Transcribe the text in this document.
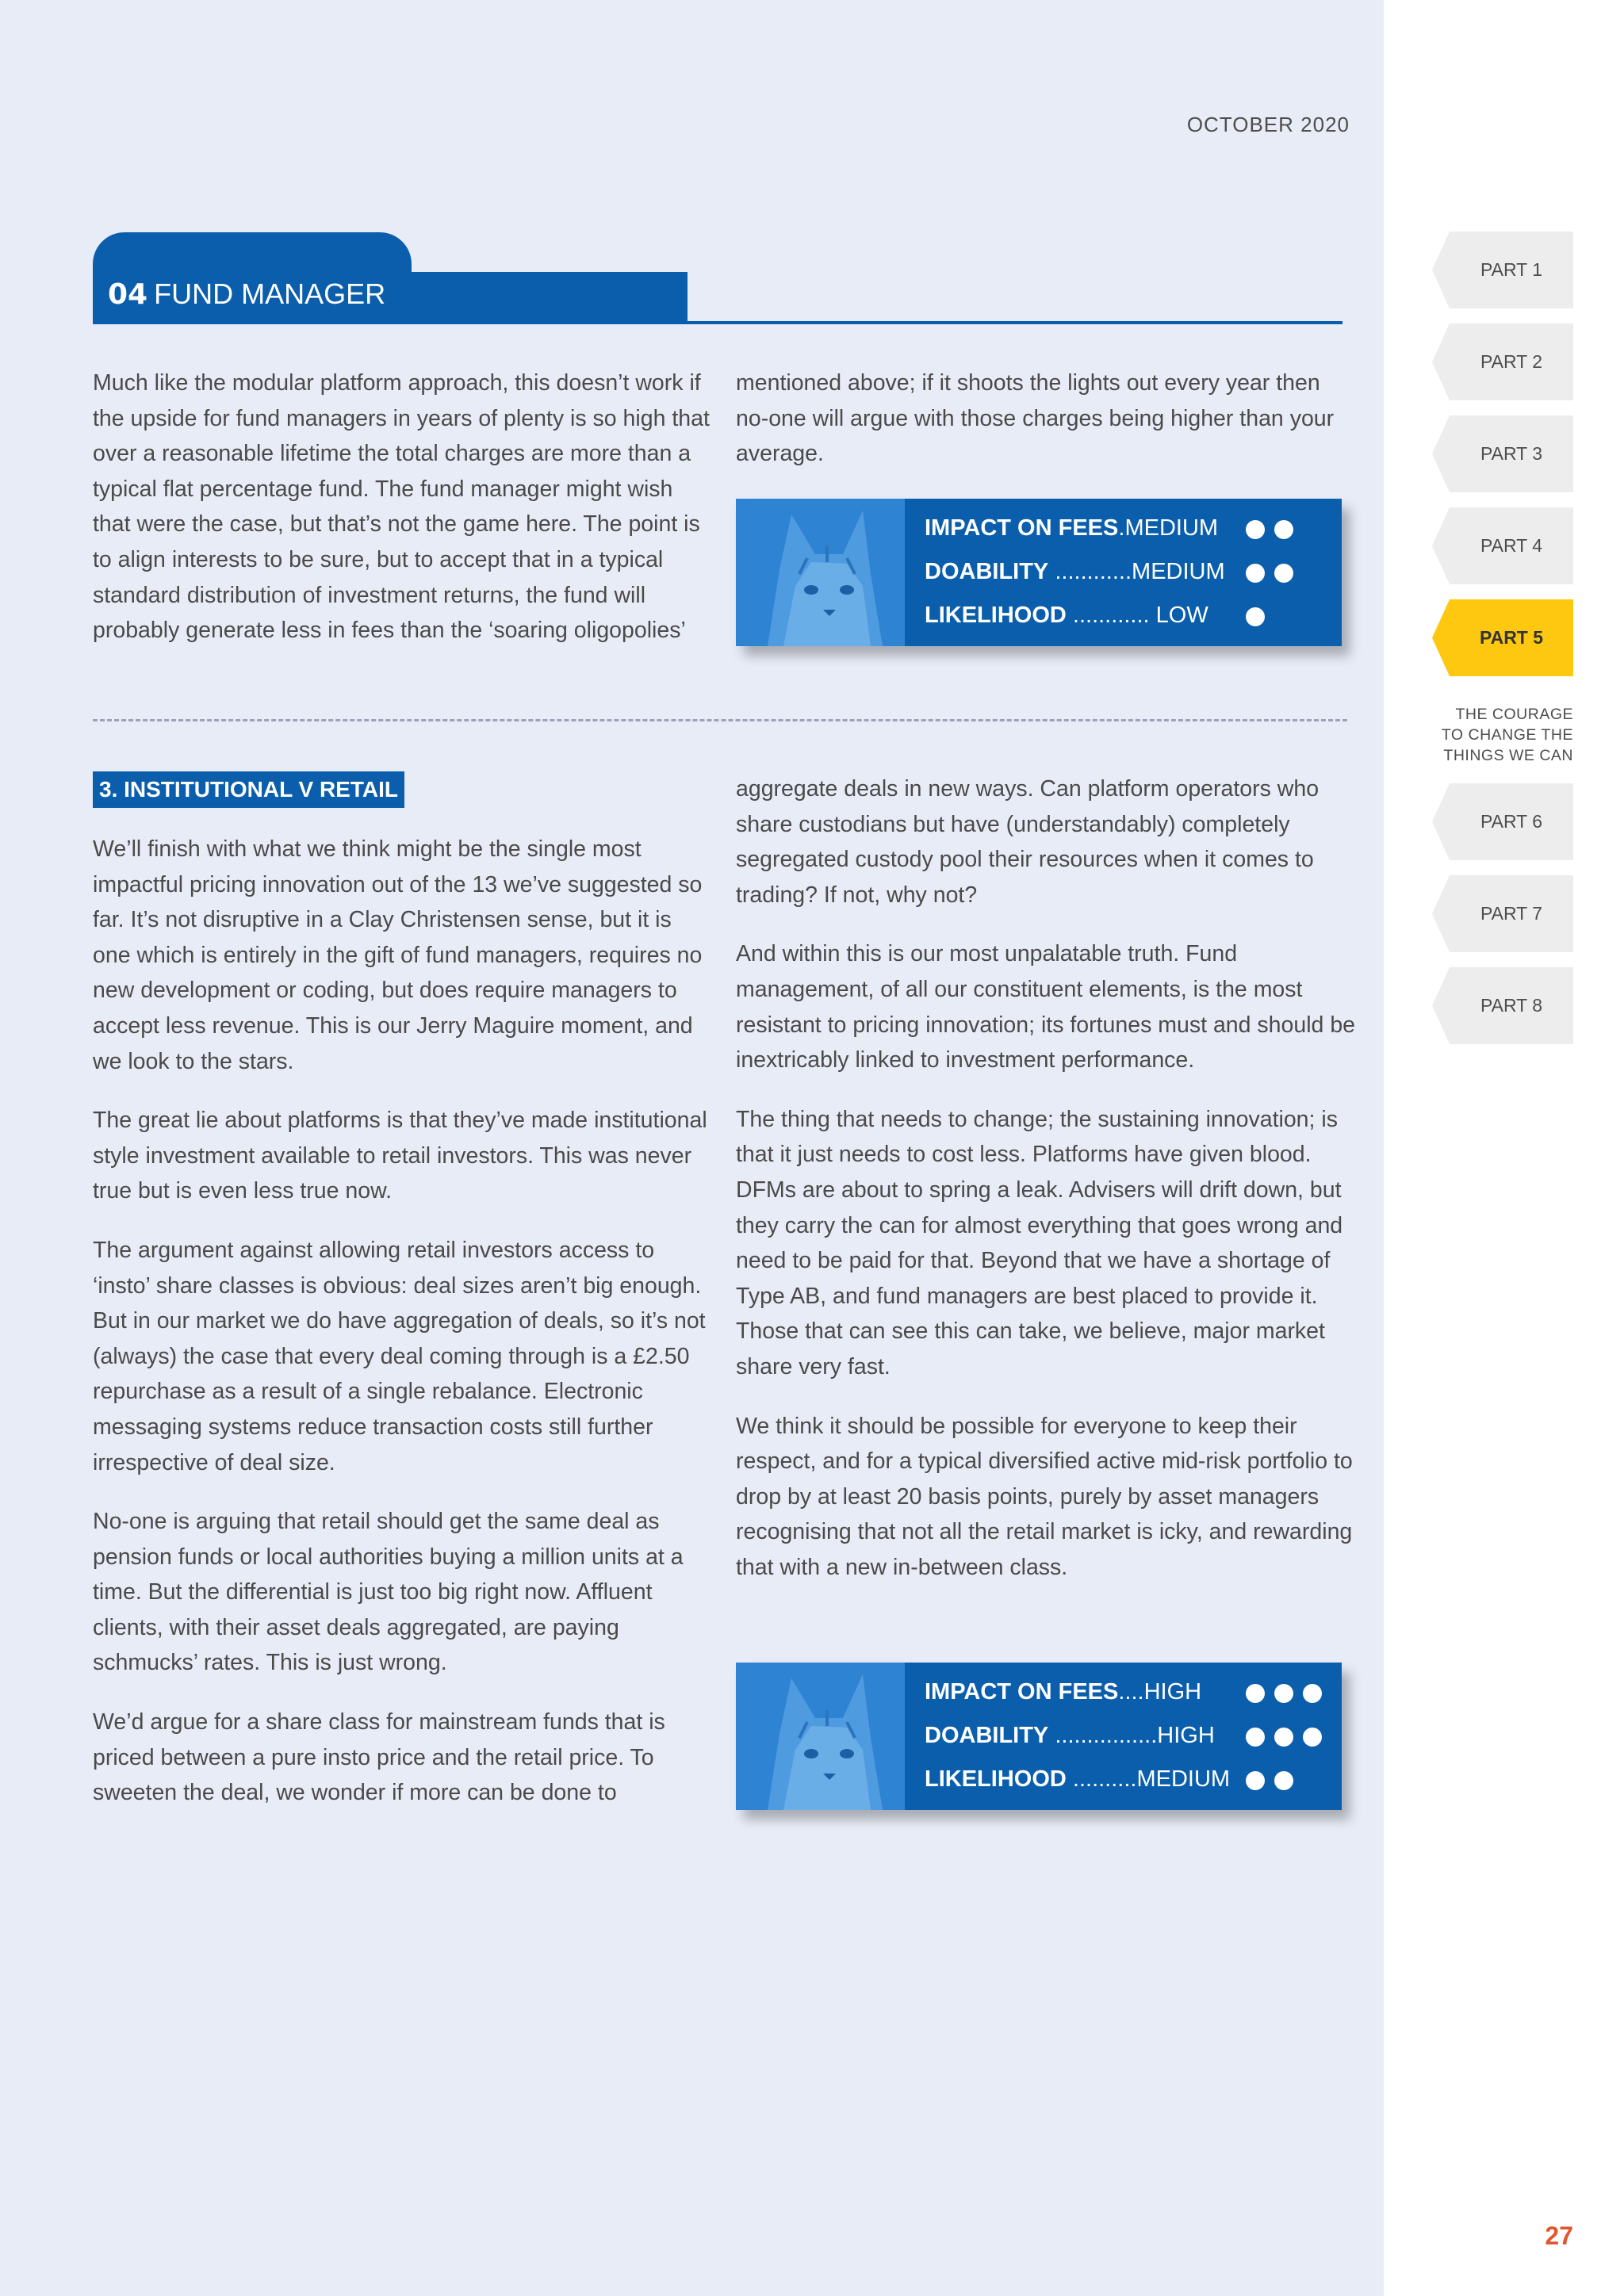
OCTOBER 2020
04 FUND MANAGER

Much like the modular platform approach, this doesn’t work if the upside for fund managers in years of plenty is so high that over a reasonable lifetime the total charges are more than a typical flat percentage fund. The fund manager might wish that were the case, but that’s not the game here. The point is to align interests to be sure, but to accept that in a typical standard distribution of investment returns, the fund will probably generate less in fees than the ‘soaring oligopolies’

mentioned above; if it shoots the lights out every year then no-one will argue with those charges being higher than your average.

IMPACT ON FEES.MEDIUM
DOABILITY ............MEDIUM
LIKELIHOOD ............ LOW
3. INSTITUTIONAL V RETAIL

We’ll finish with what we think might be the single most impactful pricing innovation out of the 13 we’ve suggested so far. It’s not disruptive in a Clay Christensen sense, but it is one which is entirely in the gift of fund managers, requires no new development or coding, but does require managers to accept less revenue. This is our Jerry Maguire moment, and we look to the stars.

The great lie about platforms is that they’ve made institutional style investment available to retail investors. This was never true but is even less true now.

The argument against allowing retail investors access to ‘insto’ share classes is obvious: deal sizes aren’t big enough. But in our market we do have aggregation of deals, so it’s not (always) the case that every deal coming through is a £2.50 repurchase as a result of a single rebalance. Electronic messaging systems reduce transaction costs still further irrespective of deal size.

No-one is arguing that retail should get the same deal as pension funds or local authorities buying a million units at a time. But the differential is just too big right now. Affluent clients, with their asset deals aggregated, are paying schmucks’ rates. This is just wrong.

We’d argue for a share class for mainstream funds that is priced between a pure insto price and the retail price. To sweeten the deal, we wonder if more can be done to

aggregate deals in new ways. Can platform operators who share custodians but have (understandably) completely segregated custody pool their resources when it comes to trading? If not, why not?

And within this is our most unpalatable truth. Fund management, of all our constituent elements, is the most resistant to pricing innovation; its fortunes must and should be inextricably linked to investment performance.

The thing that needs to change; the sustaining innovation; is that it just needs to cost less. Platforms have given blood. DFMs are about to spring a leak. Advisers will drift down, but they carry the can for almost everything that goes wrong and need to be paid for that. Beyond that we have a shortage of Type AB, and fund managers are best placed to provide it. Those that can see this can take, we believe, major market share very fast.

We think it should be possible for everyone to keep their respect, and for a typical diversified active mid-risk portfolio to drop by at least 20 basis points, purely by asset managers recognising that not all the retail market is icky, and rewarding that with a new in-between class.

IMPACT ON FEES....HIGH
DOABILITY ................HIGH
LIKELIHOOD ..........MEDIUM
PART 1
PART 2
PART 3
PART 4
PART 5
THE COURAGE
TO CHANGE THE
THINGS WE CAN
PART 6
PART 7
PART 8
27
